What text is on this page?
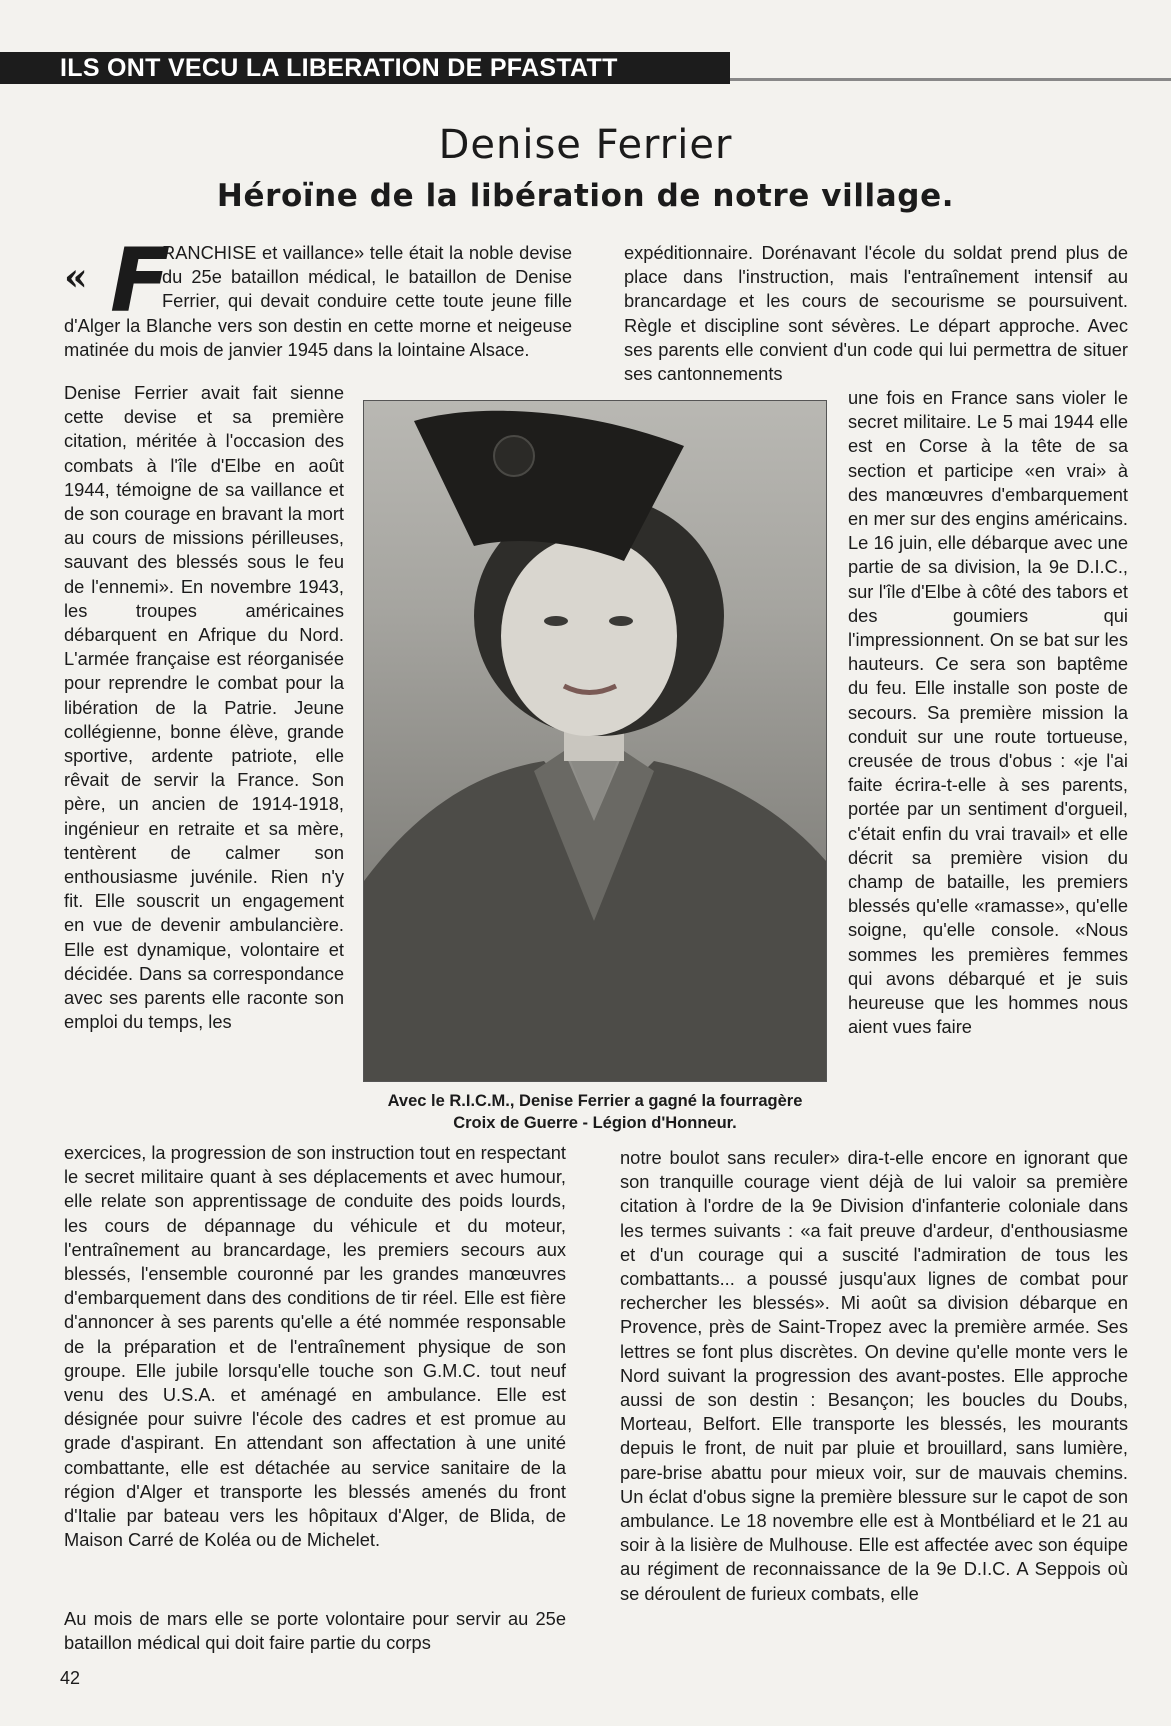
ILS ONT VECU LA LIBERATION DE PFASTATT
Denise Ferrier
Héroïne de la libération de notre village.
« F

RANCHISE et vaillance» telle était la noble devise du 25e bataillon médical, le bataillon de Denise Ferrier, qui devait conduire cette toute jeune fille d'Alger la Blanche vers son destin en cette morne et neigeuse matinée du mois de janvier 1945 dans la lointaine Alsace.

Denise Ferrier avait fait sienne cette devise et sa première citation, méritée à l'occasion des combats à l'île d'Elbe en août 1944, témoigne de sa vaillance et de son courage en bravant la mort au cours de missions périlleuses, sauvant des blessés sous le feu de l'ennemi». En novembre 1943, les troupes américaines débarquent en Afrique du Nord. L'armée française est réorganisée pour reprendre le combat pour la libération de la Patrie. Jeune collégienne, bonne élève, grande sportive, ardente patriote, elle rêvait de servir la France. Son père, un ancien de 1914-1918, ingénieur en retraite et sa mère, tentèrent de calmer son enthousiasme juvénile. Rien n'y fit. Elle souscrit un engagement en vue de devenir ambulancière. Elle est dynamique, volontaire et décidée. Dans sa correspondance avec ses parents elle raconte son emploi du temps, les

exercices, la progression de son instruction tout en respectant le secret militaire quant à ses déplacements et avec humour, elle relate son apprentissage de conduite des poids lourds, les cours de dépannage du véhicule et du moteur, l'entraînement au brancardage, les premiers secours aux blessés, l'ensemble couronné par les grandes manœuvres d'embarquement dans des conditions de tir réel. Elle est fière d'annoncer à ses parents qu'elle a été nommée responsable de la préparation et de l'entraînement physique de son groupe. Elle jubile lorsqu'elle touche son G.M.C. tout neuf venu des U.S.A. et aménagé en ambulance. Elle est désignée pour suivre l'école des cadres et est promue au grade d'aspirant. En attendant son affectation à une unité combattante, elle est détachée au service sanitaire de la région d'Alger et transporte les blessés amenés du front d'Italie par bateau vers les hôpitaux d'Alger, de Blida, de Maison Carré de Koléa ou de Michelet.

Au mois de mars elle se porte volontaire pour servir au 25e bataillon médical qui doit faire partie du corps

expéditionnaire. Dorénavant l'école du soldat prend plus de place dans l'instruction, mais l'entraînement intensif au brancardage et les cours de secourisme se poursuivent. Règle et discipline sont sévères. Le départ approche. Avec ses parents elle convient d'un code qui lui permettra de situer ses cantonnements

une fois en France sans violer le secret militaire. Le 5 mai 1944 elle est en Corse à la tête de sa section et participe «en vrai» à des manœuvres d'embarquement en mer sur des engins américains. Le 16 juin, elle débarque avec une partie de sa division, la 9e D.I.C., sur l'île d'Elbe à côté des tabors et des goumiers qui l'impressionnent. On se bat sur les hauteurs. Ce sera son baptême du feu. Elle installe son poste de secours. Sa première mission la conduit sur une route tortueuse, creusée de trous d'obus : «je l'ai faite écrira-t-elle à ses parents, portée par un sentiment d'orgueil, c'était enfin du vrai travail» et elle décrit sa première vision du champ de bataille, les premiers blessés qu'elle «ramasse», qu'elle soigne, qu'elle console. «Nous sommes les premières femmes qui avons débarqué et je suis heureuse que les hommes nous aient vues faire

notre boulot sans reculer» dira-t-elle encore en ignorant que son tranquille courage vient déjà de lui valoir sa première citation à l'ordre de la 9e Division d'infanterie coloniale dans les termes suivants : «a fait preuve d'ardeur, d'enthousiasme et d'un courage qui a suscité l'admiration de tous les combattants... a poussé jusqu'aux lignes de combat pour rechercher les blessés». Mi août sa division débarque en Provence, près de Saint-Tropez avec la première armée. Ses lettres se font plus discrètes. On devine qu'elle monte vers le Nord suivant la progression des avant-postes. Elle approche aussi de son destin : Besançon; les boucles du Doubs, Morteau, Belfort. Elle transporte les blessés, les mourants depuis le front, de nuit par pluie et brouillard, sans lumière, pare-brise abattu pour mieux voir, sur de mauvais chemins. Un éclat d'obus signe la première blessure sur le capot de son ambulance. Le 18 novembre elle est à Montbéliard et le 21 au soir à la lisière de Mulhouse. Elle est affectée avec son équipe au régiment de reconnaissance de la 9e D.I.C. A Seppois où se déroulent de furieux combats, elle

Avec le R.I.C.M., Denise Ferrier a gagné la fourragère
Croix de Guerre - Légion d'Honneur.
42
